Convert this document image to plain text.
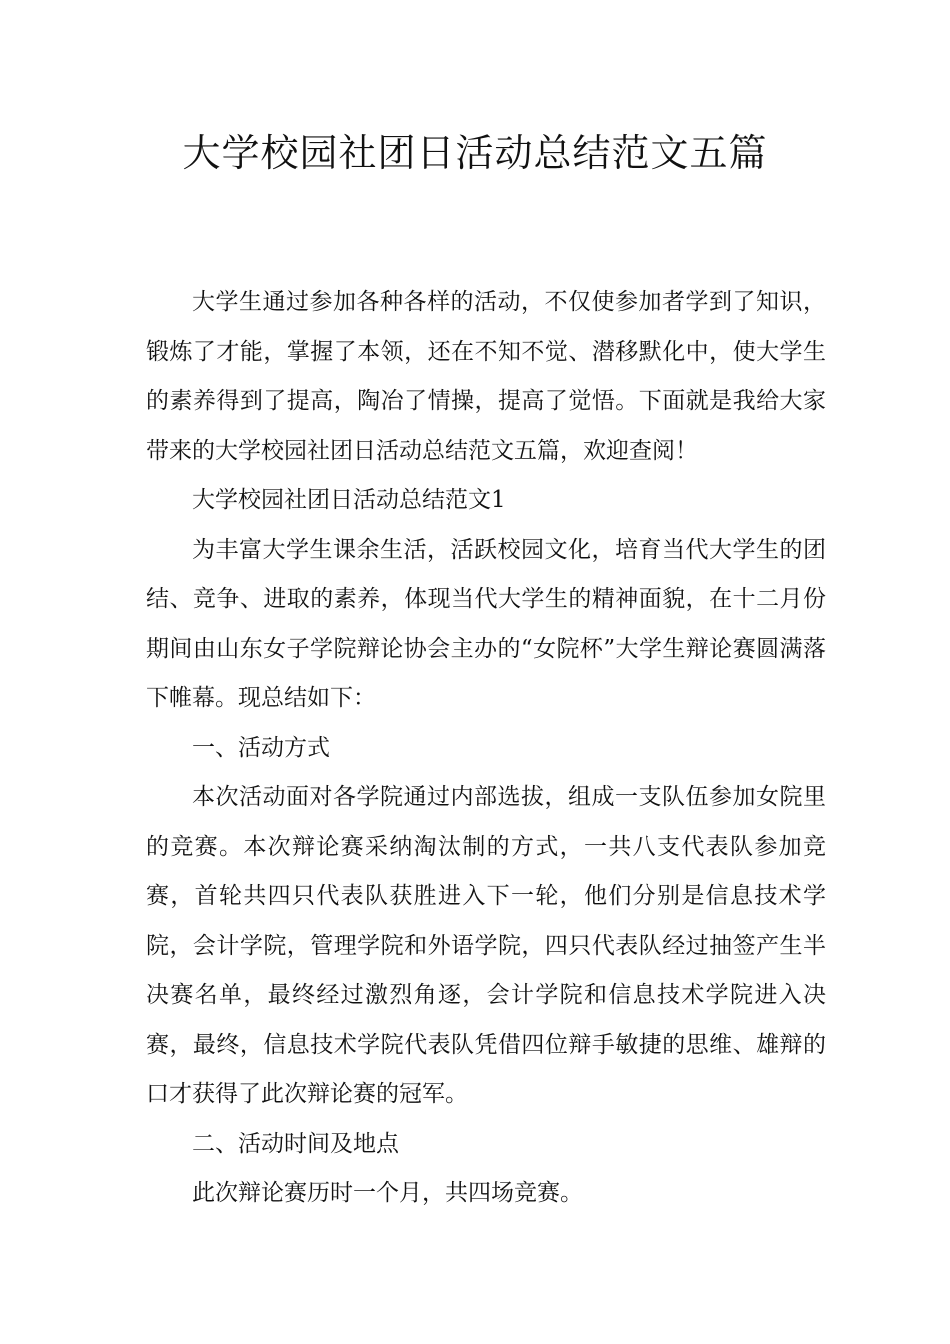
大学校园社团日活动总结范文五篇

大学生通过参加各种各样的活动，不仅使参加者学到了知识，锻炼了才能，掌握了本领，还在不知不觉、潜移默化中，使大学生的素养得到了提高，陶冶了情操，提高了觉悟。下面就是我给大家带来的大学校园社团日活动总结范文五篇，欢迎查阅！

大学校园社团日活动总结范文1

为丰富大学生课余生活，活跃校园文化，培育当代大学生的团结、竞争、进取的素养，体现当代大学生的精神面貌，在十二月份期间由山东女子学院辩论协会主办的“女院杯”大学生辩论赛圆满落下帷幕。现总结如下：

一、活动方式

本次活动面对各学院通过内部选拔，组成一支队伍参加女院里的竞赛。本次辩论赛采纳淘汰制的方式，一共八支代表队参加竞赛，首轮共四只代表队获胜进入下一轮，他们分别是信息技术学院，会计学院，管理学院和外语学院，四只代表队经过抽签产生半决赛名单，最终经过激烈角逐，会计学院和信息技术学院进入决赛，最终，信息技术学院代表队凭借四位辩手敏捷的思维、雄辩的口才获得了此次辩论赛的冠军。

二、活动时间及地点

此次辩论赛历时一个月，共四场竞赛。
